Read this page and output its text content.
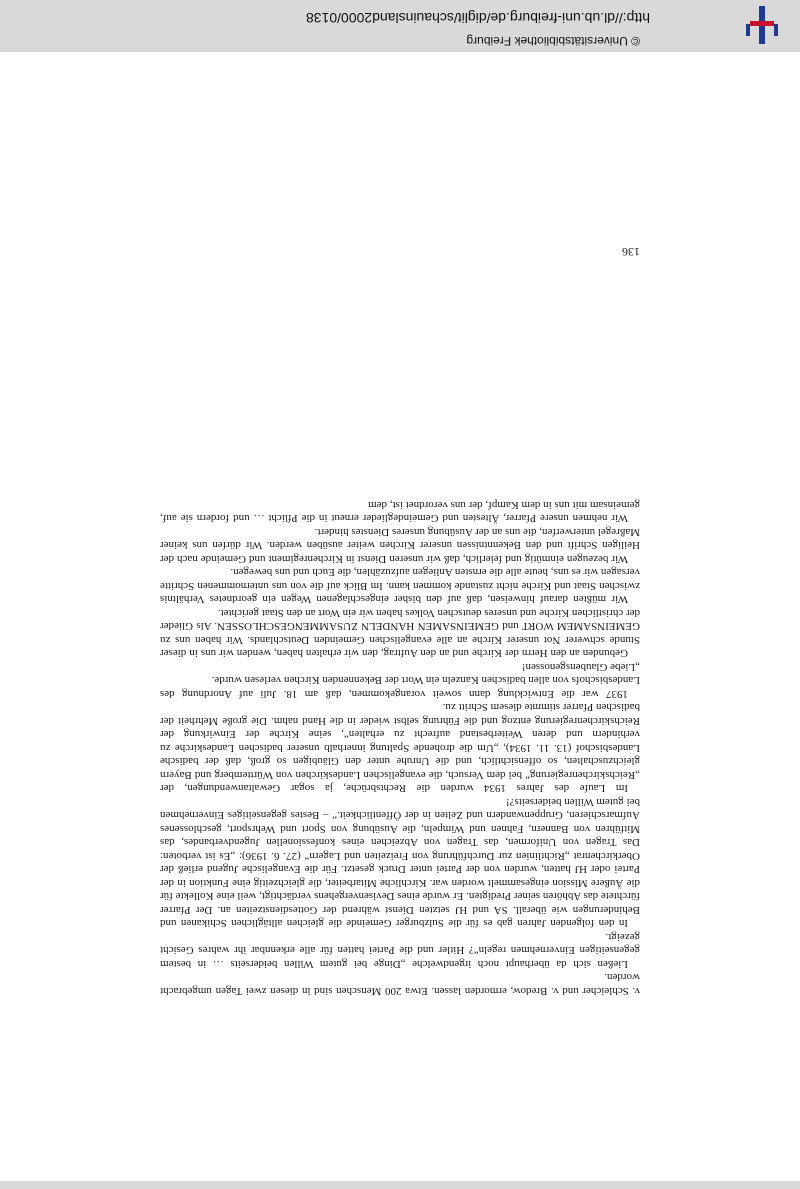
v. Schleicher und v. Bredow, ermorden lassen. Etwa 200 Menschen sind in diesen zwei Tagen umgebracht worden.

Ließen sich da überhaupt noch irgendwelche „Dinge bei gutem Willen beiderseits … in bestem gegenseitigen Einvernehmen regeln“? Hitler und die Partei hatten für alle erkennbar ihr wahres Gesicht gezeigt.

In den folgenden Jahren gab es für die Sulzburger Gemeinde die gleichen alltäglichen Schikanen und Behinderungen wie überall. SA und HJ setzten Dienst während der Gottesdienstzeiten an. Der Pfarrer fürchtete das Abhören seiner Predigten. Er wurde eines Devisenvergehens verdächtigt, weil eine Kollekte für die Äußere Mission eingesammelt worden war. Kirchliche Mitarbeiter, die gleichzeitig eine Funktion in der Partei oder HJ hatten, wurden von der Partei unter Druck gesetzt. Für die Evangelische Jugend erließ der Oberkirchenrat „Richtlinien zur Durchführung von Freizeiten und Lagern“ (27. 6. 1936): „Es ist verboten: Das Tragen von Uniformen, das Tragen von Abzeichen eines konfessionellen Jugendverbandes, das Mitführen von Bannern, Fahnen und Wimpeln, die Ausübung von Sport und Wehrsport, geschlossenes Aufmarschieren, Gruppenwandern und Zelten in der Öffentlichkeit.“ – Bestes gegenseitiges Einvernehmen bei gutem Willen beiderseits?!

Im Laufe des Jahres 1934 wurden die Rechtsbrüche, ja sogar Gewaltanwendungen, der „Reichskirchenregierung“ bei dem Versuch, die evangelischen Landeskirchen von Württemberg und Bayern gleichzuschalten, so offensichtlich, und die Unruhe unter den Gläubigen so groß, daß der badische Landesbischof (13. 11. 1934), „Um die drohende Spaltung innerhalb unserer badischen Landeskirche zu verhindern und deren Weiterbestand aufrecht zu erhalten“, seine Kirche der Einwirkung der Reichskirchenregierung entzog und die Führung selbst wieder in die Hand nahm. Die große Mehrheit der badischen Pfarrer stimmte diesem Schritt zu.

1937 war die Entwicklung dann soweit vorangekommen, daß am 18. Juli auf Anordnung des Landesbischofs von allen badischen Kanzeln ein Wort der Bekennenden Kirchen verlesen wurde.

„Liebe Glaubensgenossen!

Gebunden an den Herrn der Kirche und an den Auftrag, den wir erhalten haben, wenden wir uns in dieser Stunde schwerer Not unserer Kirche an alle evangelischen Gemeinden Deutschlands. Wir haben uns zu GEMEINSAMEM WORT und GEMEINSAMEN HANDELN ZUSAMMENGESCHLOSSEN. Als Glieder der christlichen Kirche und unseres deutschen Volkes haben wir ein Wort an den Staat gerichtet.

Wir müßten darauf hinweisen, daß auf den bisher eingeschlagenen Wegen ein geordnetes Verhältnis zwischen Staat und Kirche nicht zustande kommen kann. Im Blick auf die von uns unternommenen Schritte versagen wir es uns, heute alle die ernsten Anliegen aufzuzählen, die Euch und uns bewegen.

Wir bezeugen einmütig und feierlich, daß wir unseren Dienst in Kirchenregiment und Gemeinde nach der Heiligen Schrift und den Bekenntnissen unserer Kirchen weiter ausüben werden. Wir dürfen uns keiner Maßregel unterwerfen, die uns an der Ausübung unseres Dienstes hindert.

Wir nehmen unsere Pfarrer, Ältesten und Gemeindeglieder erneut in die Pflicht … und fordern sie auf, gemeinsam mit uns in dem Kampf, der uns verordnet ist, dem

136
http://dl.ub.uni-freiburg.de/diglit/schauinsland2000/0138
© Universitätsbibliothek Freiburg
